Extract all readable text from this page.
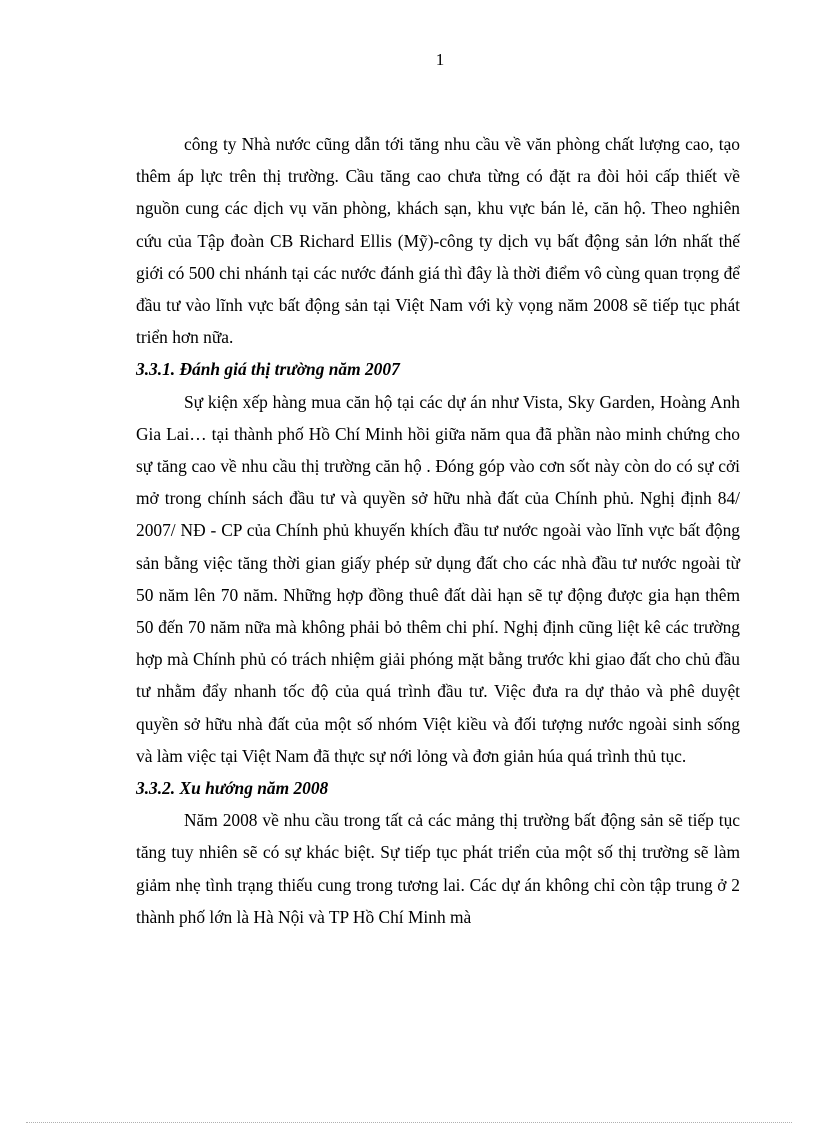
1

công ty Nhà nước cũng dẫn tới tăng nhu cầu về văn phòng chất lượng cao, tạo thêm áp lực trên thị trường. Cầu tăng cao chưa từng có đặt ra đòi hỏi cấp thiết về nguồn cung các dịch vụ văn phòng, khách sạn, khu vực bán lẻ, căn hộ. Theo nghiên cứu của Tập đoàn CB Richard Ellis (Mỹ)-công ty dịch vụ bất động sản lớn nhất thế giới có 500 chi nhánh tại các nước đánh giá thì đây là thời điểm vô cùng quan trọng để đầu tư vào lĩnh vực bất động sản tại Việt Nam với kỳ vọng năm 2008 sẽ tiếp tục phát triển hơn nữa.

3.3.1. Đánh giá thị trường năm 2007

Sự kiện xếp hàng mua căn hộ tại các dự án như Vista, Sky Garden, Hoàng Anh Gia Lai… tại thành phố Hồ Chí Minh hồi giữa năm qua đã phần nào minh chứng cho sự tăng cao về nhu cầu thị trường căn hộ . Đóng góp vào cơn sốt này còn do có sự cởi mở trong chính sách đầu tư và quyền sở hữu nhà đất của Chính phủ. Nghị định 84/ 2007/ NĐ - CP của Chính phủ khuyến khích đầu tư nước ngoài vào lĩnh vực bất động sản bằng việc tăng thời gian giấy phép sử dụng đất cho các nhà đầu tư nước ngoài từ 50 năm lên 70 năm. Những hợp đồng thuê đất dài hạn sẽ tự động được gia hạn thêm 50 đến 70 năm nữa mà không phải bỏ thêm chi phí. Nghị định cũng liệt kê các trường hợp mà Chính phủ có trách nhiệm giải phóng mặt bằng trước khi giao đất cho chủ đầu tư nhằm đẩy nhanh tốc độ của quá trình đầu tư. Việc đưa ra dự thảo và phê duyệt quyền sở hữu nhà đất của một số nhóm Việt kiều và đối tượng nước ngoài sinh sống và làm việc tại Việt Nam đã thực sự nới lỏng và đơn giản húa quá trình thủ tục.

3.3.2. Xu hướng năm 2008

Năm 2008 về nhu cầu trong tất cả các mảng thị trường bất động sản sẽ tiếp tục tăng tuy nhiên sẽ có sự khác biệt. Sự tiếp tục phát triển của một số thị trường sẽ làm giảm nhẹ tình trạng thiếu cung trong tương lai. Các dự án không chỉ còn tập trung ở 2 thành phố lớn là Hà Nội và TP Hồ Chí Minh mà
